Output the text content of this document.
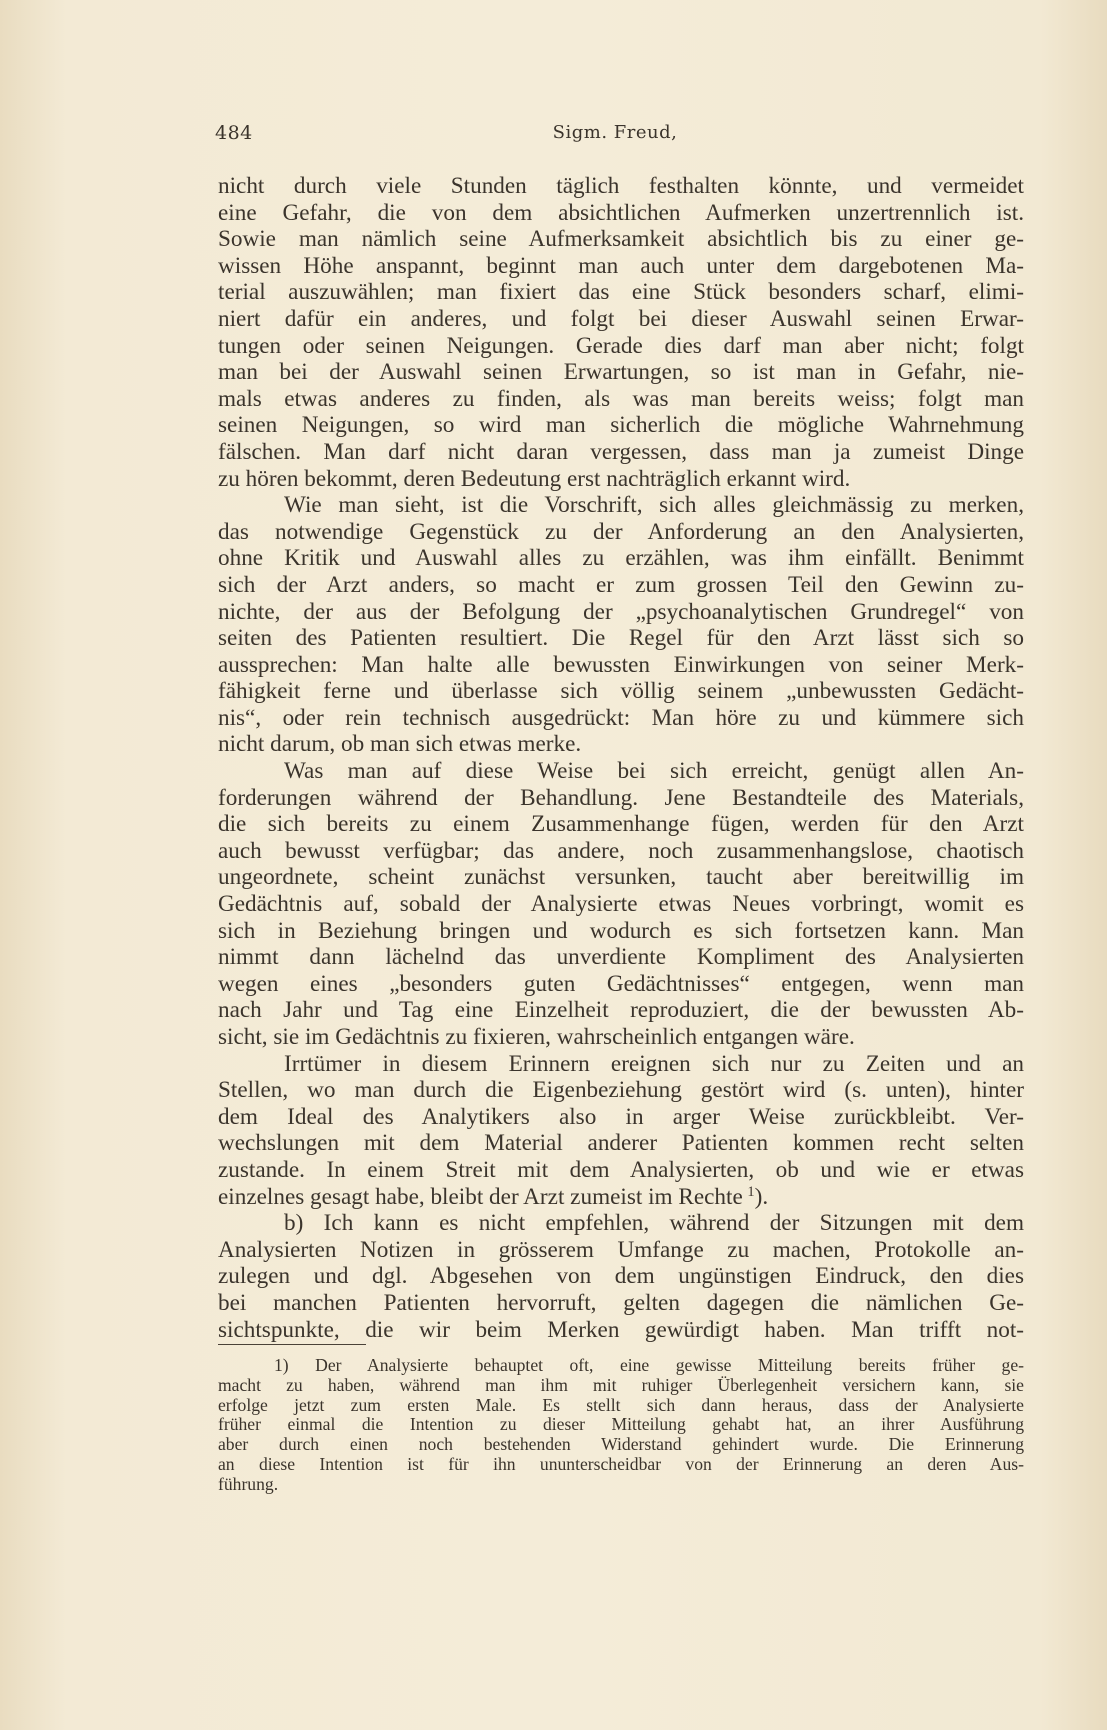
484	Sigm. Freud,
nicht durch viele Stunden täglich festhalten könnte, und vermeidet
eine Gefahr, die von dem absichtlichen Aufmerken unzertrennlich ist.
Sowie man nämlich seine Aufmerksamkeit absichtlich bis zu einer ge-
wissen Höhe anspannt, beginnt man auch unter dem dargebotenen Ma-
terial auszuwählen; man fixiert das eine Stück besonders scharf, elimi-
niert dafür ein anderes, und folgt bei dieser Auswahl seinen Erwar-
tungen oder seinen Neigungen. Gerade dies darf man aber nicht; folgt
man bei der Auswahl seinen Erwartungen, so ist man in Gefahr, nie-
mals etwas anderes zu finden, als was man bereits weiss; folgt man
seinen Neigungen, so wird man sicherlich die mögliche Wahrnehmung
fälschen. Man darf nicht daran vergessen, dass man ja zumeist Dinge
zu hören bekommt, deren Bedeutung erst nachträglich erkannt wird.
Wie man sieht, ist die Vorschrift, sich alles gleichmässig zu merken,
das notwendige Gegenstück zu der Anforderung an den Analysierten,
ohne Kritik und Auswahl alles zu erzählen, was ihm einfällt. Benimmt
sich der Arzt anders, so macht er zum grossen Teil den Gewinn zu-
nichte, der aus der Befolgung der „psychoanalytischen Grundregel“ von
seiten des Patienten resultiert. Die Regel für den Arzt lässt sich so
aussprechen: Man halte alle bewussten Einwirkungen von seiner Merk-
fähigkeit ferne und überlasse sich völlig seinem „unbewussten Gedächt-
nis“, oder rein technisch ausgedrückt: Man höre zu und kümmere sich
nicht darum, ob man sich etwas merke.
Was man auf diese Weise bei sich erreicht, genügt allen An-
forderungen während der Behandlung. Jene Bestandteile des Materials,
die sich bereits zu einem Zusammenhange fügen, werden für den Arzt
auch bewusst verfügbar; das andere, noch zusammenhangslose, chaotisch
ungeordnete, scheint zunächst versunken, taucht aber bereitwillig im
Gedächtnis auf, sobald der Analysierte etwas Neues vorbringt, womit es
sich in Beziehung bringen und wodurch es sich fortsetzen kann. Man
nimmt dann lächelnd das unverdiente Kompliment des Analysierten
wegen eines „besonders guten Gedächtnisses“ entgegen, wenn man
nach Jahr und Tag eine Einzelheit reproduziert, die der bewussten Ab-
sicht, sie im Gedächtnis zu fixieren, wahrscheinlich entgangen wäre.
Irrtümer in diesem Erinnern ereignen sich nur zu Zeiten und an
Stellen, wo man durch die Eigenbeziehung gestört wird (s. unten), hinter
dem Ideal des Analytikers also in arger Weise zurückbleibt. Ver-
wechslungen mit dem Material anderer Patienten kommen recht selten
zustande. In einem Streit mit dem Analysierten, ob und wie er etwas
einzelnes gesagt habe, bleibt der Arzt zumeist im Rechte  $^1$).
b) Ich kann es nicht empfehlen, während der Sitzungen mit dem
Analysierten Notizen in grösserem Umfange zu machen, Protokolle an-
zulegen und dgl. Abgesehen von dem ungünstigen Eindruck, den dies
bei manchen Patienten hervorruft, gelten dagegen die nämlichen Ge-
sichtspunkte, die wir beim Merken gewürdigt haben. Man trifft not-
1) Der Analysierte behauptet oft, eine gewisse Mitteilung bereits früher ge-
macht zu haben, während man ihm mit ruhiger Überlegenheit versichern kann, sie
erfolge jetzt zum ersten Male. Es stellt sich dann heraus, dass der Analysierte
früher einmal die Intention zu dieser Mitteilung gehabt hat, an ihrer Ausführung
aber durch einen noch bestehenden Widerstand gehindert wurde. Die Erinnerung
an diese Intention ist für ihn ununterscheidbar von der Erinnerung an deren Aus-
führung.
